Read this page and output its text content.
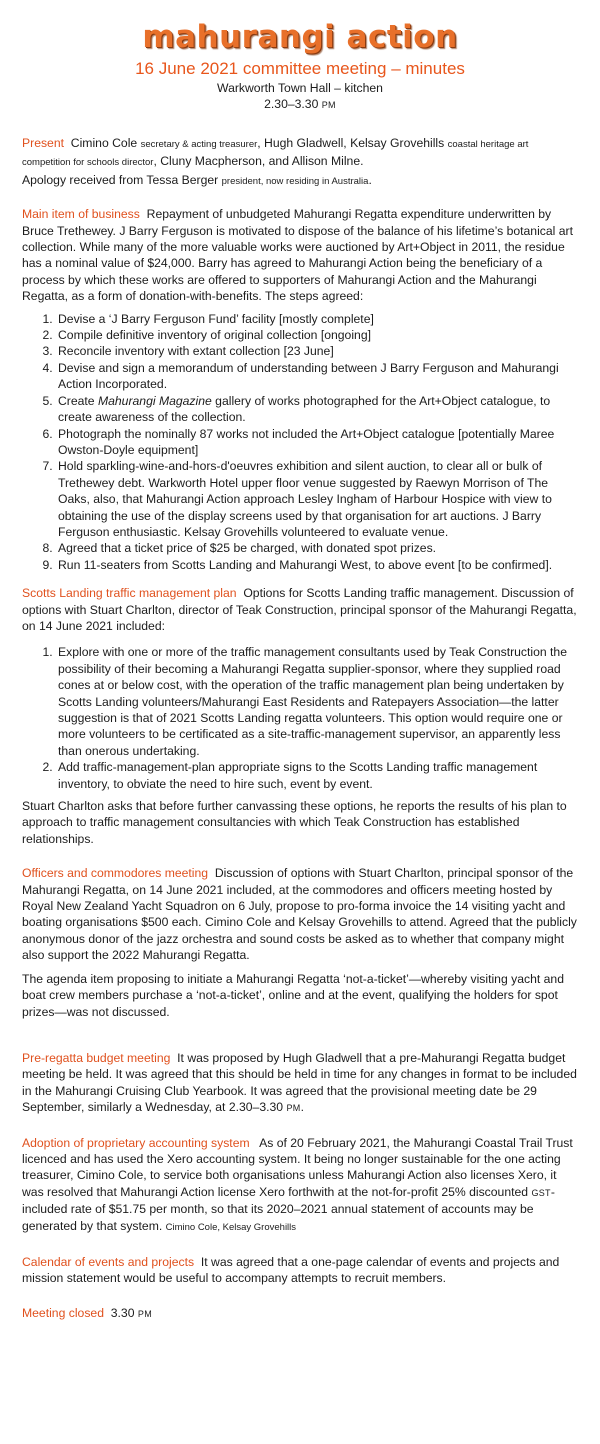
mahurangi action
16 June 2021 committee meeting – minutes
Warkworth Town Hall – kitchen
2.30–3.30 PM

Present Cimino Cole secretary & acting treasurer, Hugh Gladwell, Kelsay Grovehills coastal heritage art competition for schools director, Cluny Macpherson, and Allison Milne.
Apology received from Tessa Berger president, now residing in Australia.

Main item of business Repayment of unbudgeted Mahurangi Regatta expenditure underwritten by Bruce Trethewey. J Barry Ferguson is motivated to dispose of the balance of his lifetime’s botanical art collection. While many of the more valuable works were auctioned by Art+Object in 2011, the residue has a nominal value of $24,000. Barry has agreed to Mahurangi Action being the beneficiary of a process by which these works are offered to supporters of Mahurangi Action and the Mahurangi Regatta, as a form of donation-with-benefits. The steps agreed:

1. Devise a ‘J Barry Ferguson Fund’ facility [mostly complete]
2. Compile definitive inventory of original collection [ongoing]
3. Reconcile inventory with extant collection [23 June]
4. Devise and sign a memorandum of understanding between J Barry Ferguson and Mahurangi Action Incorporated.
5. Create Mahurangi Magazine gallery of works photographed for the Art+Object catalogue, to create awareness of the collection.
6. Photograph the nominally 87 works not included the Art+Object catalogue [potentially Maree Owston-Doyle equipment]
7. Hold sparkling-wine-and-hors-d'oeuvres exhibition and silent auction, to clear all or bulk of Trethewey debt. Warkworth Hotel upper floor venue suggested by Raewyn Morrison of The Oaks, also, that Mahurangi Action approach Lesley Ingham of Harbour Hospice with view to obtaining the use of the display screens used by that organisation for art auctions. J Barry Ferguson enthusiastic. Kelsay Grovehills volunteered to evaluate venue.
8. Agreed that a ticket price of $25 be charged, with donated spot prizes.
9. Run 11-seaters from Scotts Landing and Mahurangi West, to above event [to be confirmed].

Scotts Landing traffic management plan Options for Scotts Landing traffic management. Discussion of options with Stuart Charlton, director of Teak Construction, principal sponsor of the Mahurangi Regatta, on 14 June 2021 included:

1. Explore with one or more of the traffic management consultants used by Teak Construction the possibility of their becoming a Mahurangi Regatta supplier-sponsor, where they supplied road cones at or below cost, with the operation of the traffic management plan being undertaken by Scotts Landing volunteers/Mahurangi East Residents and Ratepayers Association—the latter suggestion is that of 2021 Scotts Landing regatta volunteers. This option would require one or more volunteers to be certificated as a site-traffic-management supervisor, an apparently less than onerous undertaking.
2. Add traffic-management-plan appropriate signs to the Scotts Landing traffic management inventory, to obviate the need to hire such, event by event.

Stuart Charlton asks that before further canvassing these options, he reports the results of his plan to approach to traffic management consultancies with which Teak Construction has established relationships.

Officers and commodores meeting Discussion of options with Stuart Charlton, principal sponsor of the Mahurangi Regatta, on 14 June 2021 included, at the commodores and officers meeting hosted by Royal New Zealand Yacht Squadron on 6 July, propose to pro-forma invoice the 14 visiting yacht and boating organisations $500 each. Cimino Cole and Kelsay Grovehills to attend. Agreed that the publicly anonymous donor of the jazz orchestra and sound costs be asked as to whether that company might also support the 2022 Mahurangi Regatta.

The agenda item proposing to initiate a Mahurangi Regatta ‘not-a-ticket’—whereby visiting yacht and boat crew members purchase a ‘not-a-ticket’, online and at the event, qualifying the holders for spot prizes—was not discussed.

Pre-regatta budget meeting It was proposed by Hugh Gladwell that a pre-Mahurangi Regatta budget meeting be held. It was agreed that this should be held in time for any changes in format to be included in the Mahurangi Cruising Club Yearbook. It was agreed that the provisional meeting date be 29 September, similarly a Wednesday, at 2.30–3.30 PM.

Adoption of proprietary accounting system As of 20 February 2021, the Mahurangi Coastal Trail Trust licenced and has used the Xero accounting system. It being no longer sustainable for the one acting treasurer, Cimino Cole, to service both organisations unless Mahurangi Action also licenses Xero, it was resolved that Mahurangi Action license Xero forthwith at the not-for-profit 25% discounted GST-included rate of $51.75 per month, so that its 2020–2021 annual statement of accounts may be generated by that system. Cimino Cole, Kelsay Grovehills

Calendar of events and projects It was agreed that a one-page calendar of events and projects and mission statement would be useful to accompany attempts to recruit members.

Meeting closed 3.30 PM
